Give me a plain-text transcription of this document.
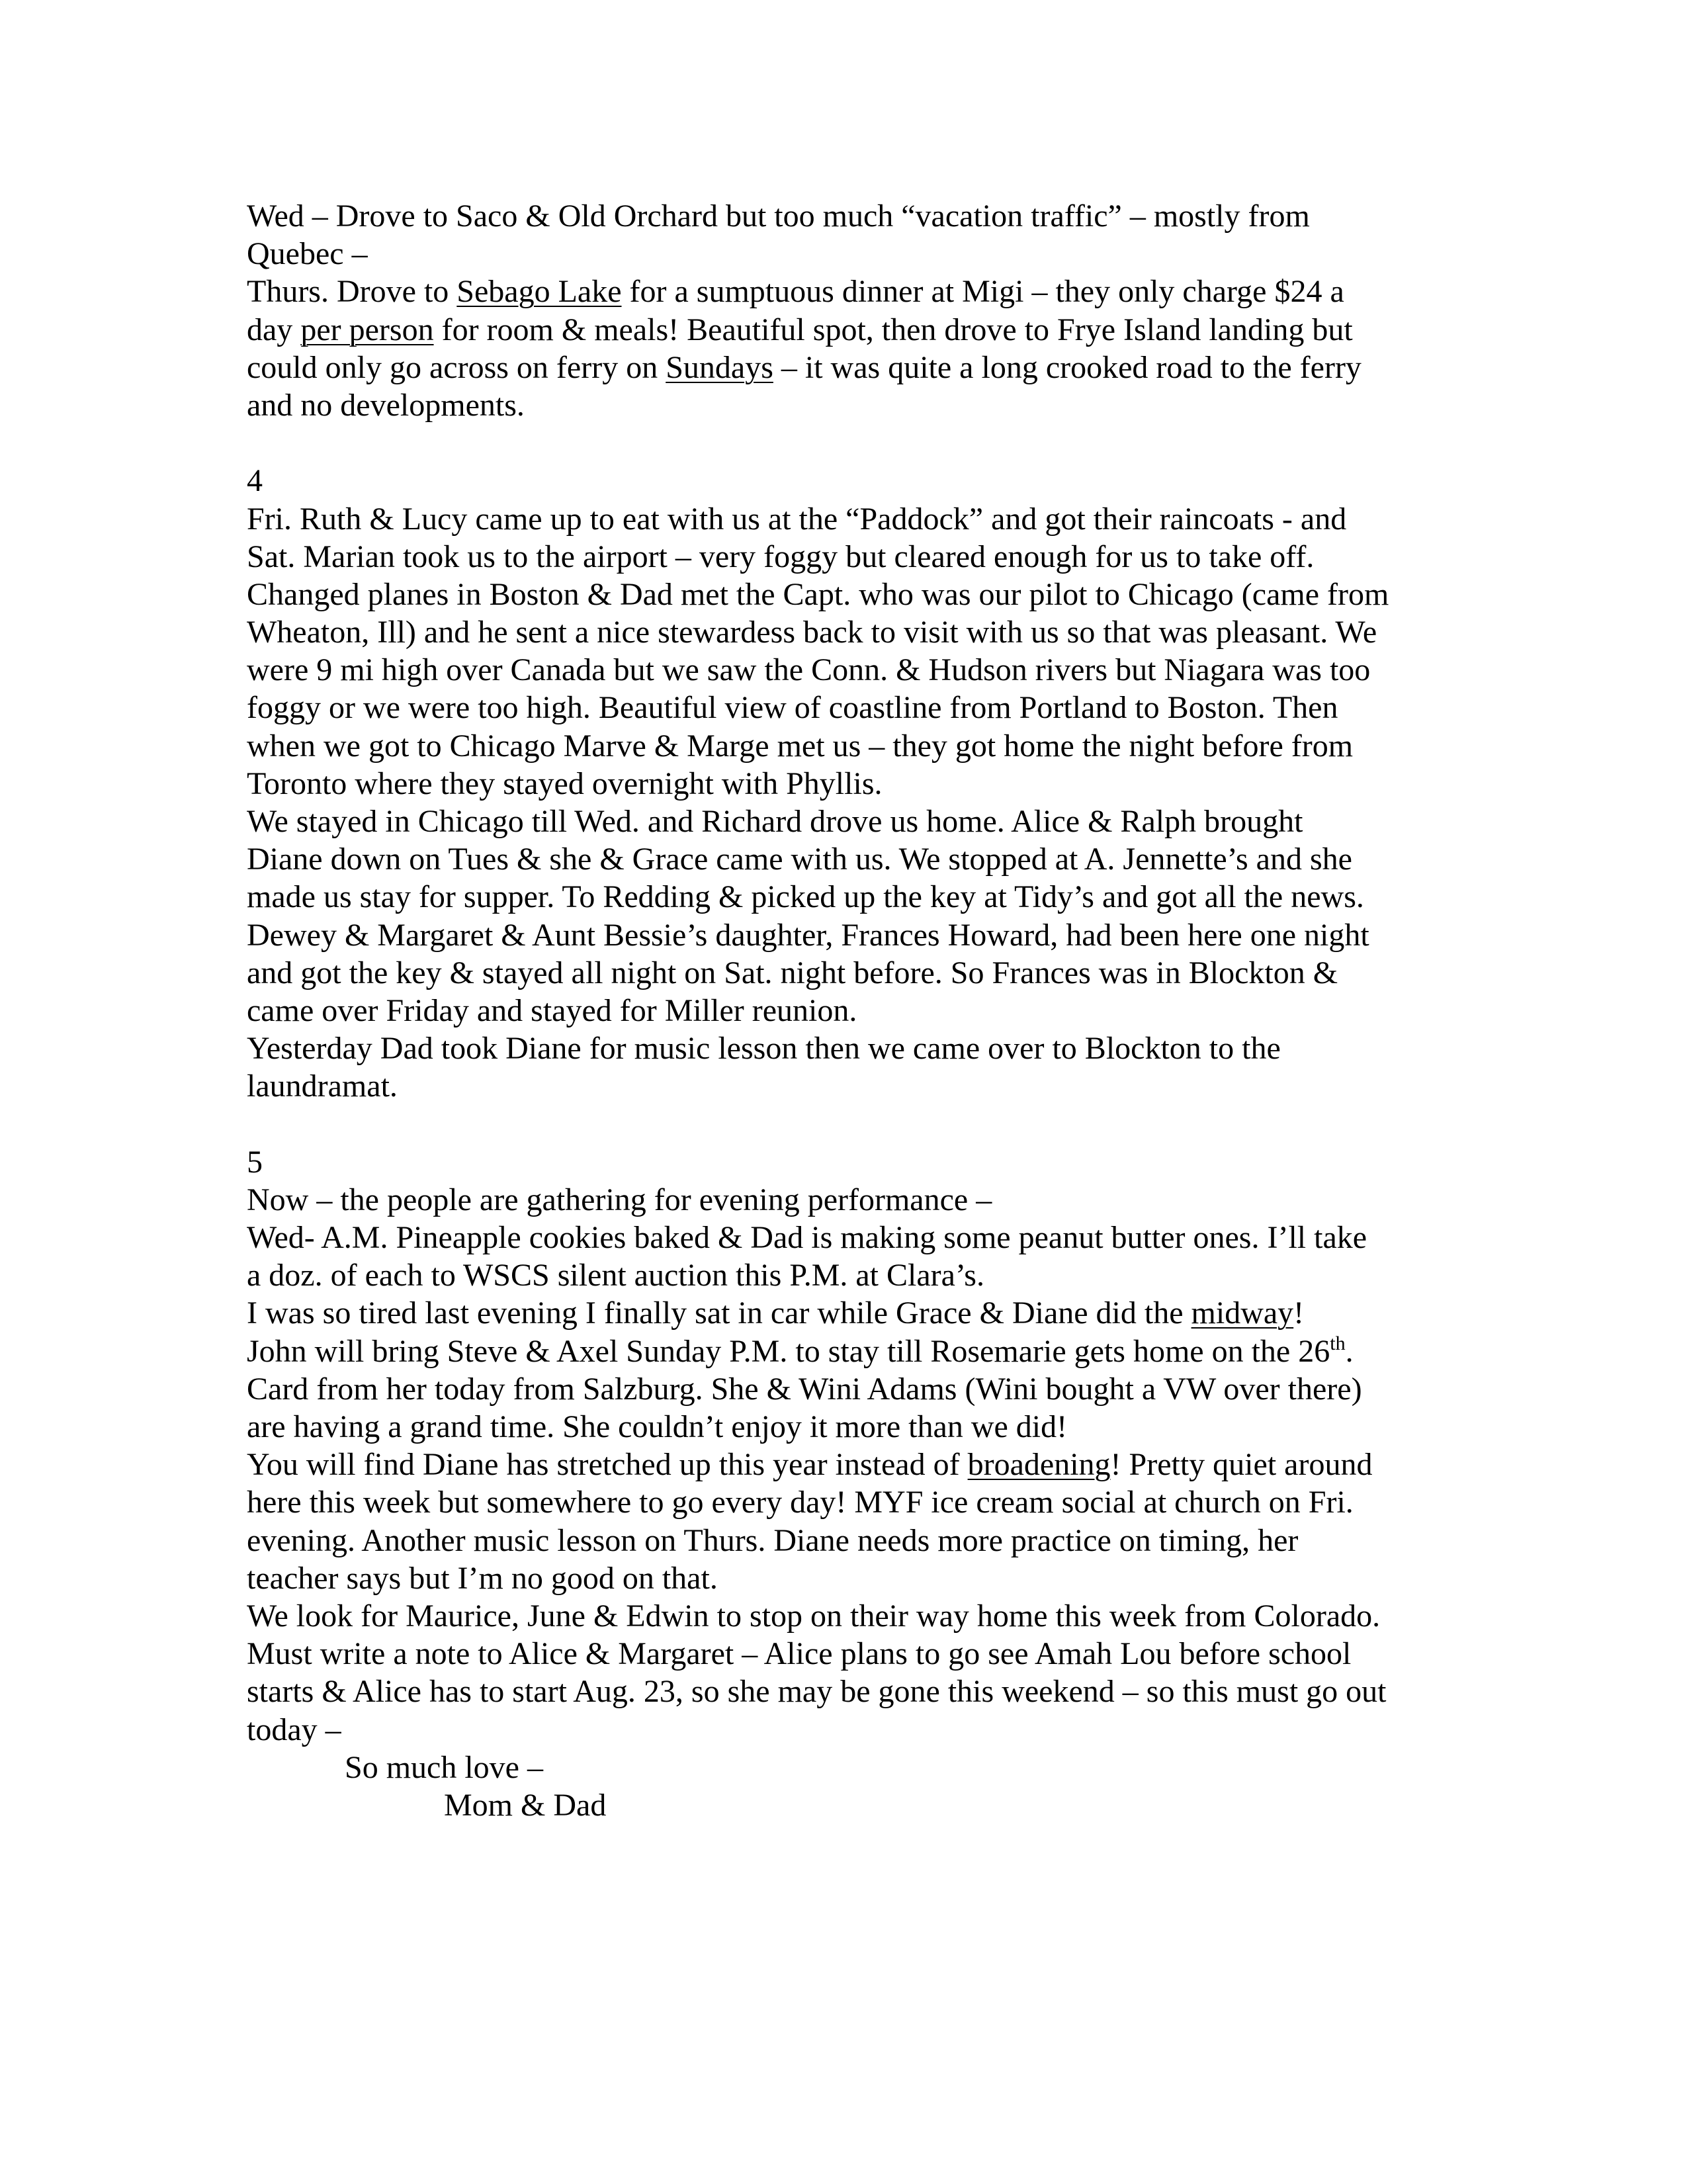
Wed – Drove to Saco & Old Orchard but too much “vacation traffic” – mostly from
Quebec –
Thurs. Drove to Sebago Lake for a sumptuous dinner at Migi – they only charge $24 a
day per person for room & meals! Beautiful spot, then drove to Frye Island landing but
could only go across on ferry on Sundays – it was quite a long crooked road to the ferry
and no developments.
4
Fri. Ruth & Lucy came up to eat with us at the “Paddock” and got their raincoats - and
Sat. Marian took us to the airport – very foggy but cleared enough for us to take off.
Changed planes in Boston & Dad met the Capt. who was our pilot to Chicago (came from
Wheaton, Ill) and he sent a nice stewardess back to visit with us so that was pleasant. We
were 9 mi high over Canada but we saw the Conn. & Hudson rivers but Niagara was too
foggy or we were too high. Beautiful view of coastline from Portland to Boston. Then
when we got to Chicago Marve & Marge met us – they got home the night before from
Toronto where they stayed overnight with Phyllis.
We stayed in Chicago till Wed. and Richard drove us home. Alice & Ralph brought
Diane down on Tues & she & Grace came with us. We stopped at A. Jennette’s and she
made us stay for supper. To Redding & picked up the key at Tidy’s and got all the news.
Dewey & Margaret & Aunt Bessie’s daughter, Frances Howard, had been here one night
and got the key & stayed all night on Sat. night before. So Frances was in Blockton &
came over Friday and stayed for Miller reunion.
Yesterday Dad took Diane for music lesson then we came over to Blockton to the
laundramat.
5
Now – the people are gathering for evening performance –
Wed- A.M. Pineapple cookies baked & Dad is making some peanut butter ones. I’ll take
a doz. of each to WSCS silent auction this P.M. at Clara’s.
I was so tired last evening I finally sat in car while Grace & Diane did the midway!
John will bring Steve & Axel Sunday P.M. to stay till Rosemarie gets home on the 26th.
Card from her today from Salzburg. She & Wini Adams (Wini bought a VW over there)
are having a grand time. She couldn’t enjoy it more than we did!
You will find Diane has stretched up this year instead of broadening! Pretty quiet around
here this week but somewhere to go every day! MYF ice cream social at church on Fri.
evening. Another music lesson on Thurs. Diane needs more practice on timing, her
teacher says but I’m no good on that.
We look for Maurice, June & Edwin to stop on their way home this week from Colorado.
Must write a note to Alice & Margaret – Alice plans to go see Amah Lou before school
starts & Alice has to start Aug. 23, so she may be gone this weekend – so this must go out
today –
So much love –
Mom & Dad
